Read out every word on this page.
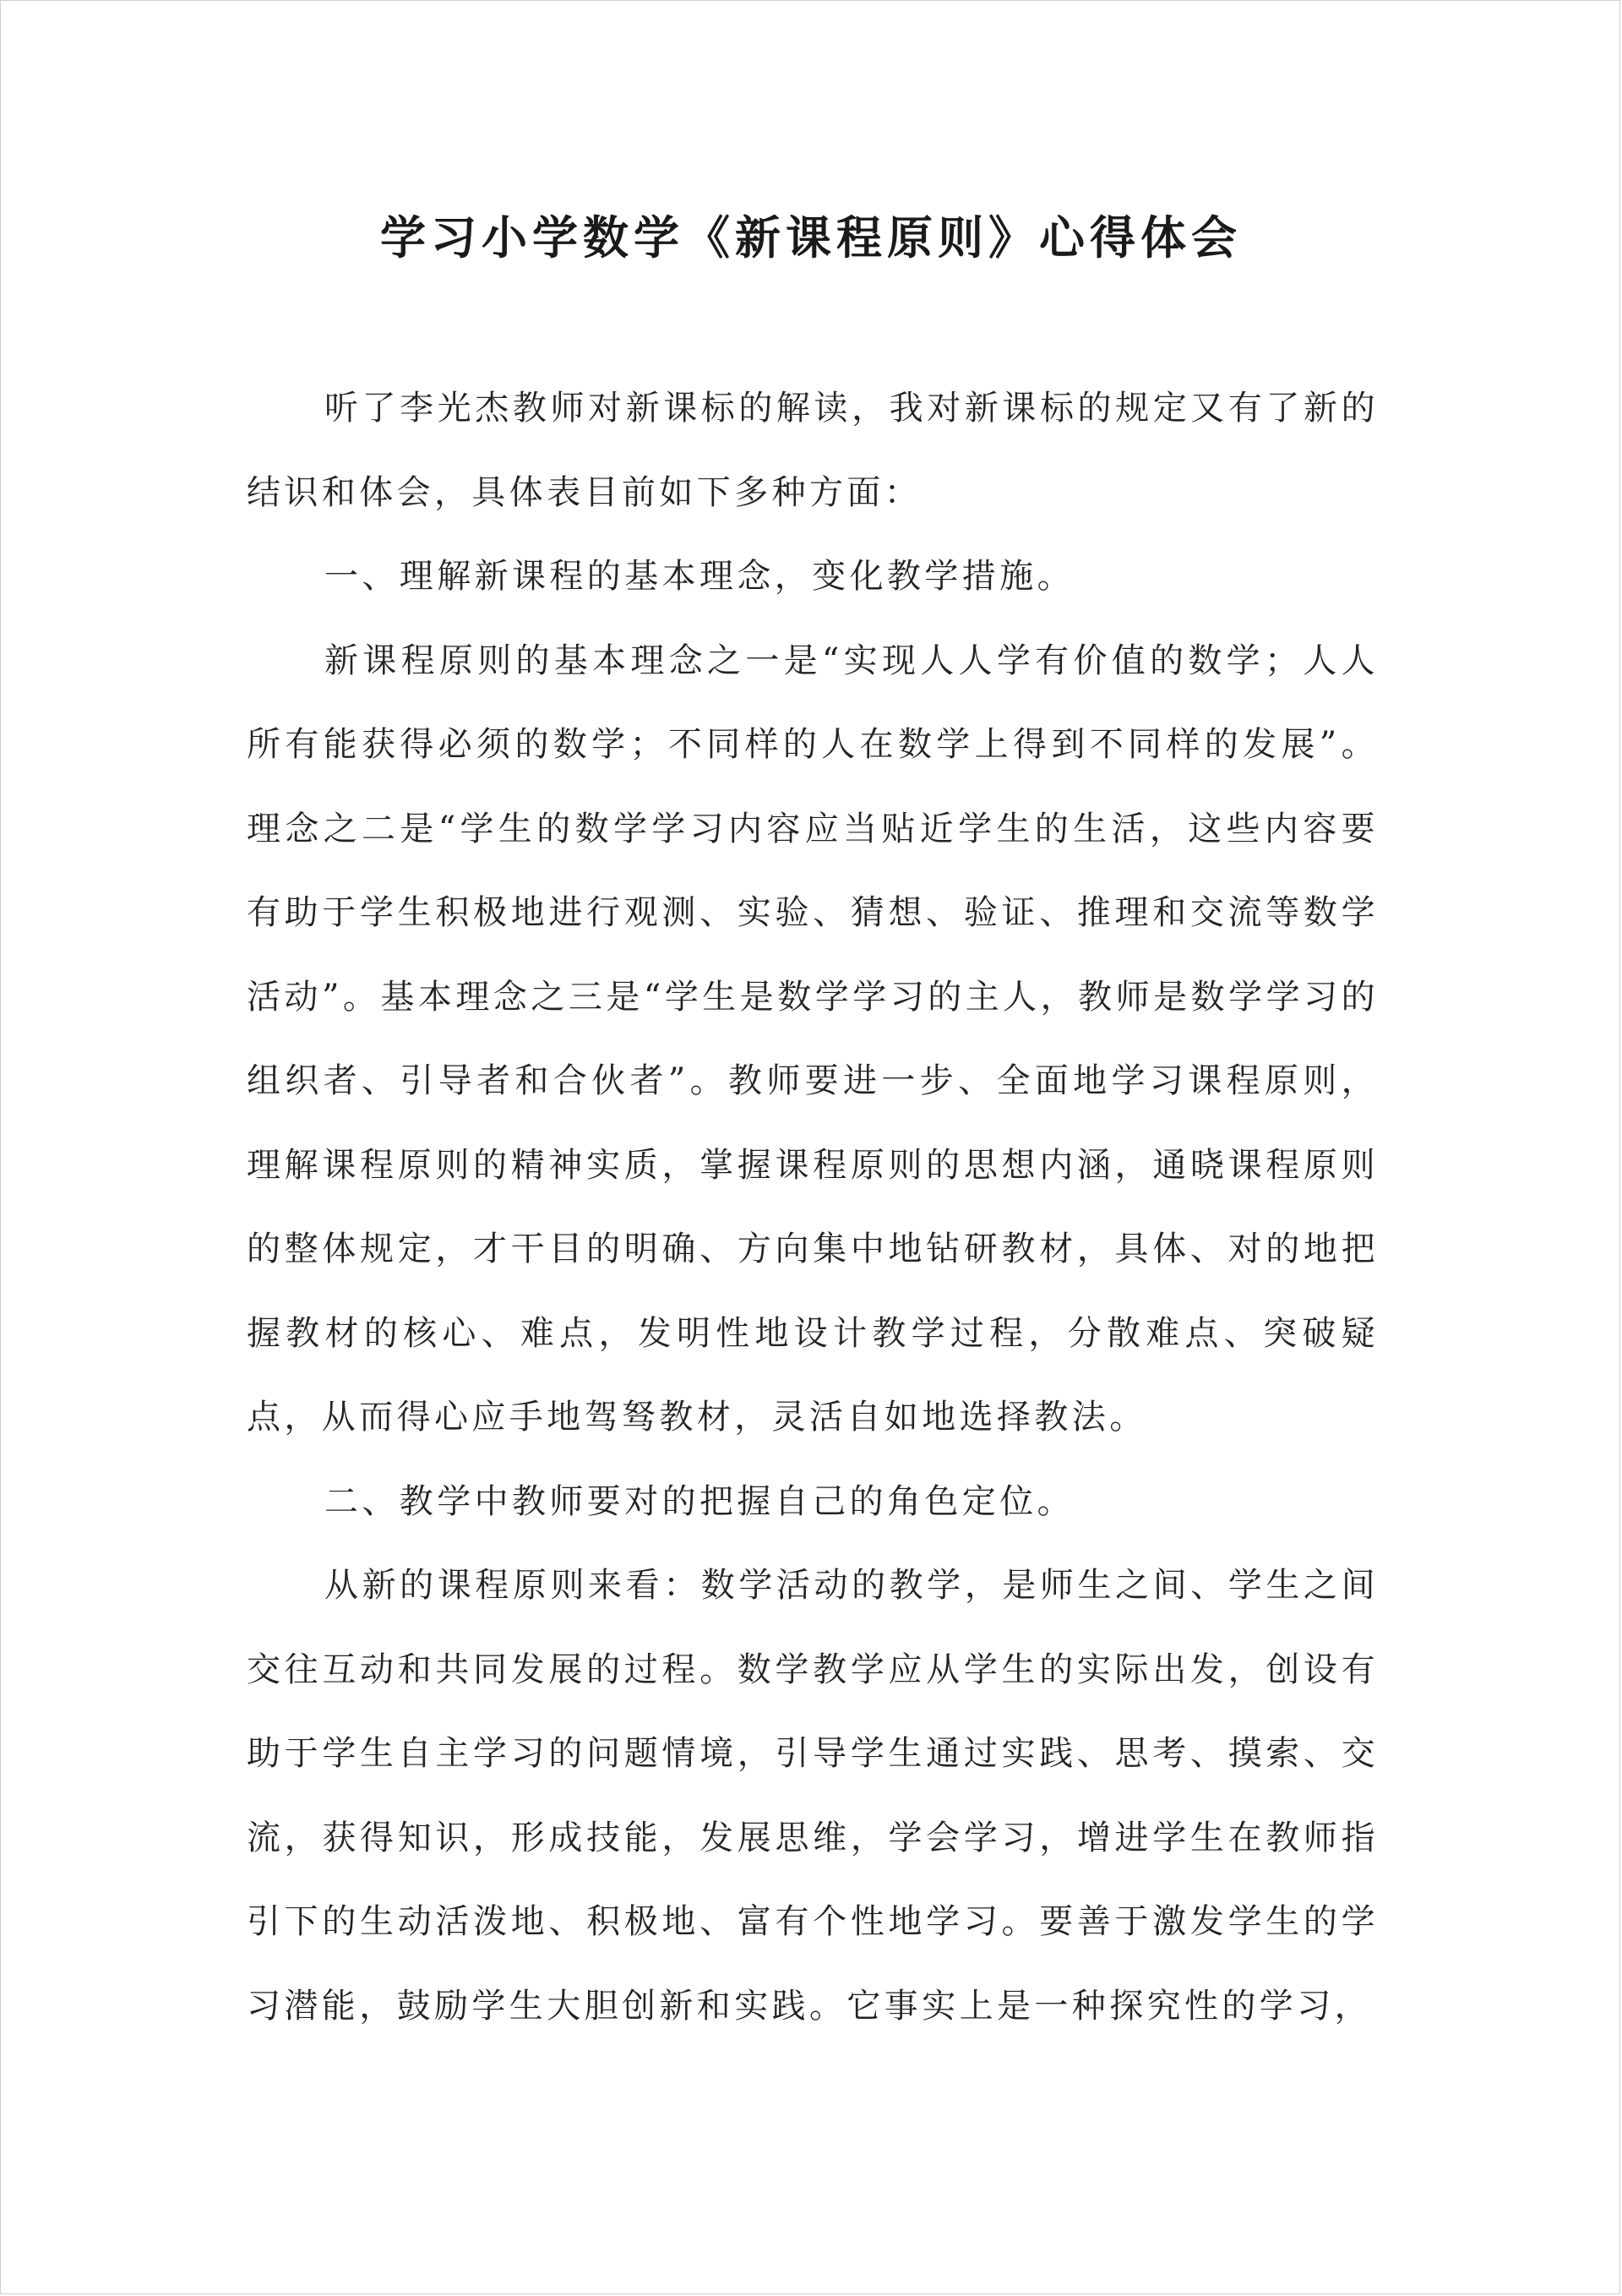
学习小学数学《新课程原则》心得体会

听了李光杰教师对新课标的解读，我对新课标的规定又有了新的结识和体会，具体表目前如下多种方面：

一、理解新课程的基本理念，变化教学措施。

新课程原则的基本理念之一是“实现人人学有价值的数学；人人所有能获得必须的数学；不同样的人在数学上得到不同样的发展”。理念之二是“学生的数学学习内容应当贴近学生的生活，这些内容要有助于学生积极地进行观测、实验、猜想、验证、推理和交流等数学活动”。基本理念之三是“学生是数学学习的主人，教师是数学学习的组织者、引导者和合伙者”。教师要进一步、全面地学习课程原则，理解课程原则的精神实质，掌握课程原则的思想内涵，通晓课程原则的整体规定，才干目的明确、方向集中地钻研教材，具体、对的地把握教材的核心、难点，发明性地设计教学过程，分散难点、突破疑点，从而得心应手地驾驽教材，灵活自如地选择教法。

二、教学中教师要对的把握自己的角色定位。

从新的课程原则来看：数学活动的教学，是师生之间、学生之间交往互动和共同发展的过程。数学教学应从学生的实际出发，创设有助于学生自主学习的问题情境，引导学生通过实践、思考、摸索、交流，获得知识，形成技能，发展思维，学会学习，增进学生在教师指引下的生动活泼地、积极地、富有个性地学习。要善于激发学生的学习潜能，鼓励学生大胆创新和实践。它事实上是一种探究性的学习，
